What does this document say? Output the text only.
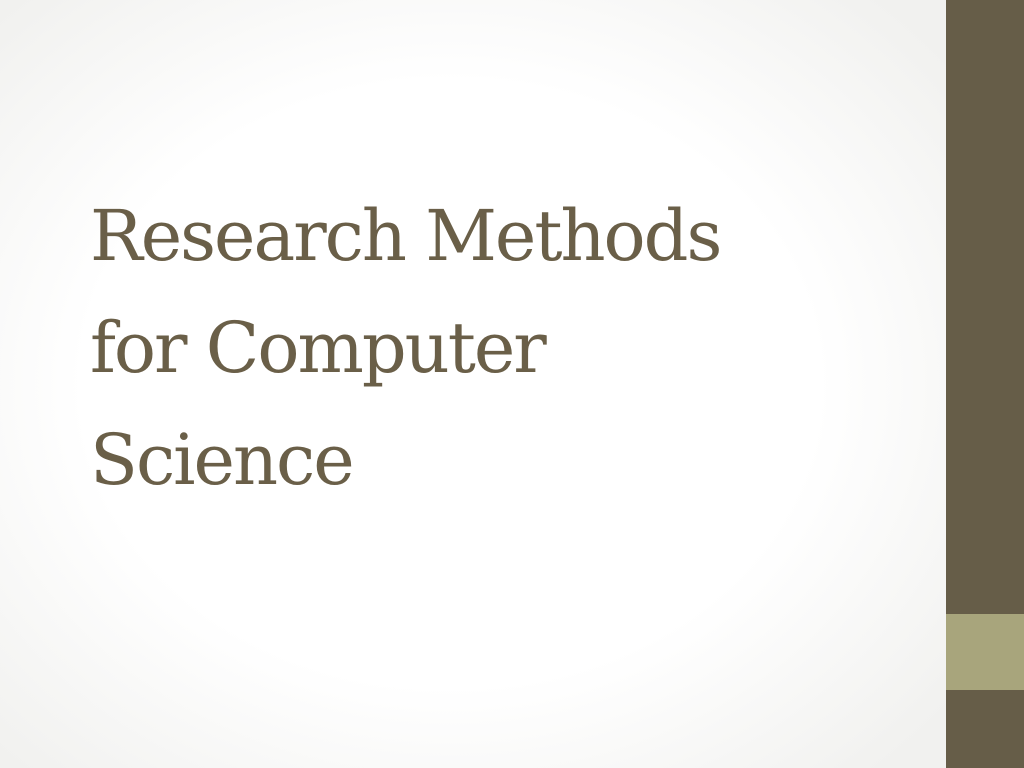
Research Methods
for Computer
Science
